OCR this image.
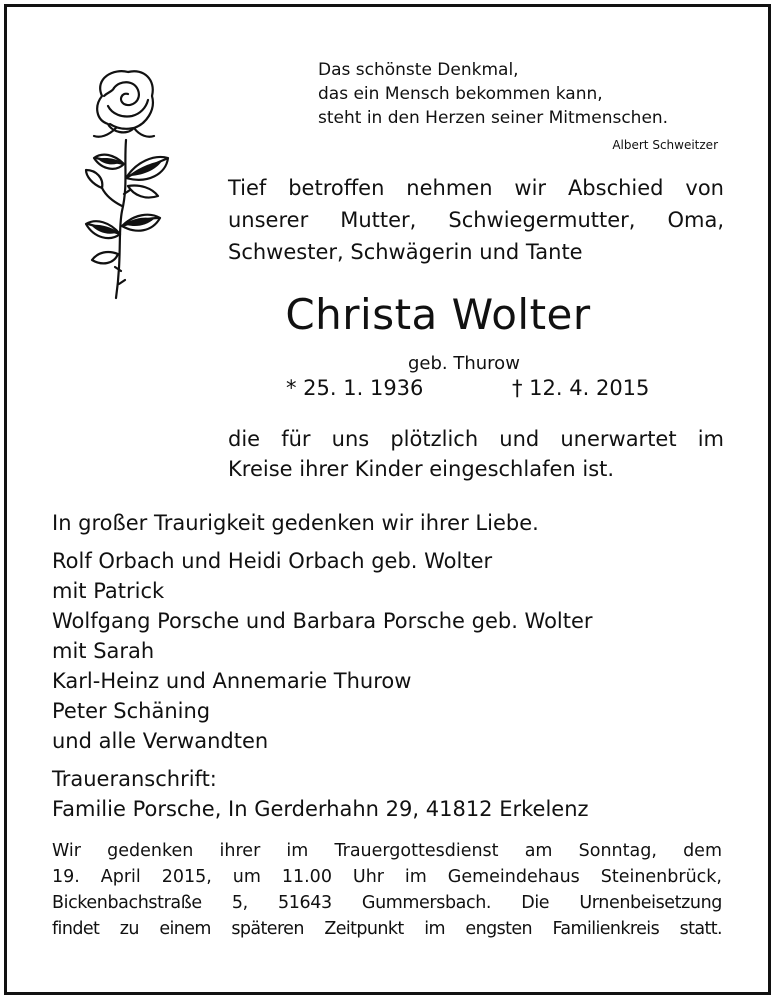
Das schönste Denkmal,
das ein Mensch bekommen kann,
steht in den Herzen seiner Mitmenschen.
Albert Schweitzer
Tief betroffen nehmen wir Abschied von
unserer Mutter, Schwiegermutter, Oma,
Schwester, Schwägerin und Tante
Christa Wolter
geb. Thurow
* 25. 1. 1936	† 12. 4. 2015
die für uns plötzlich und unerwartet im
Kreise ihrer Kinder eingeschlafen ist.
In großer Traurigkeit gedenken wir ihrer Liebe.
Rolf Orbach und Heidi Orbach geb. Wolter
mit Patrick
Wolfgang Porsche und Barbara Porsche geb. Wolter
mit Sarah
Karl-Heinz und Annemarie Thurow
Peter Schäning
und alle Verwandten
Traueranschrift:
Familie Porsche, In Gerderhahn 29, 41812 Erkelenz
Wir gedenken ihrer im Trauergottesdienst am Sonntag, dem
19. April 2015, um 11.00 Uhr im Gemeindehaus Steinenbrück,
Bickenbachstraße 5, 51643 Gummersbach. Die Urnenbeisetzung
findet zu einem späteren Zeitpunkt im engsten Familienkreis statt.
